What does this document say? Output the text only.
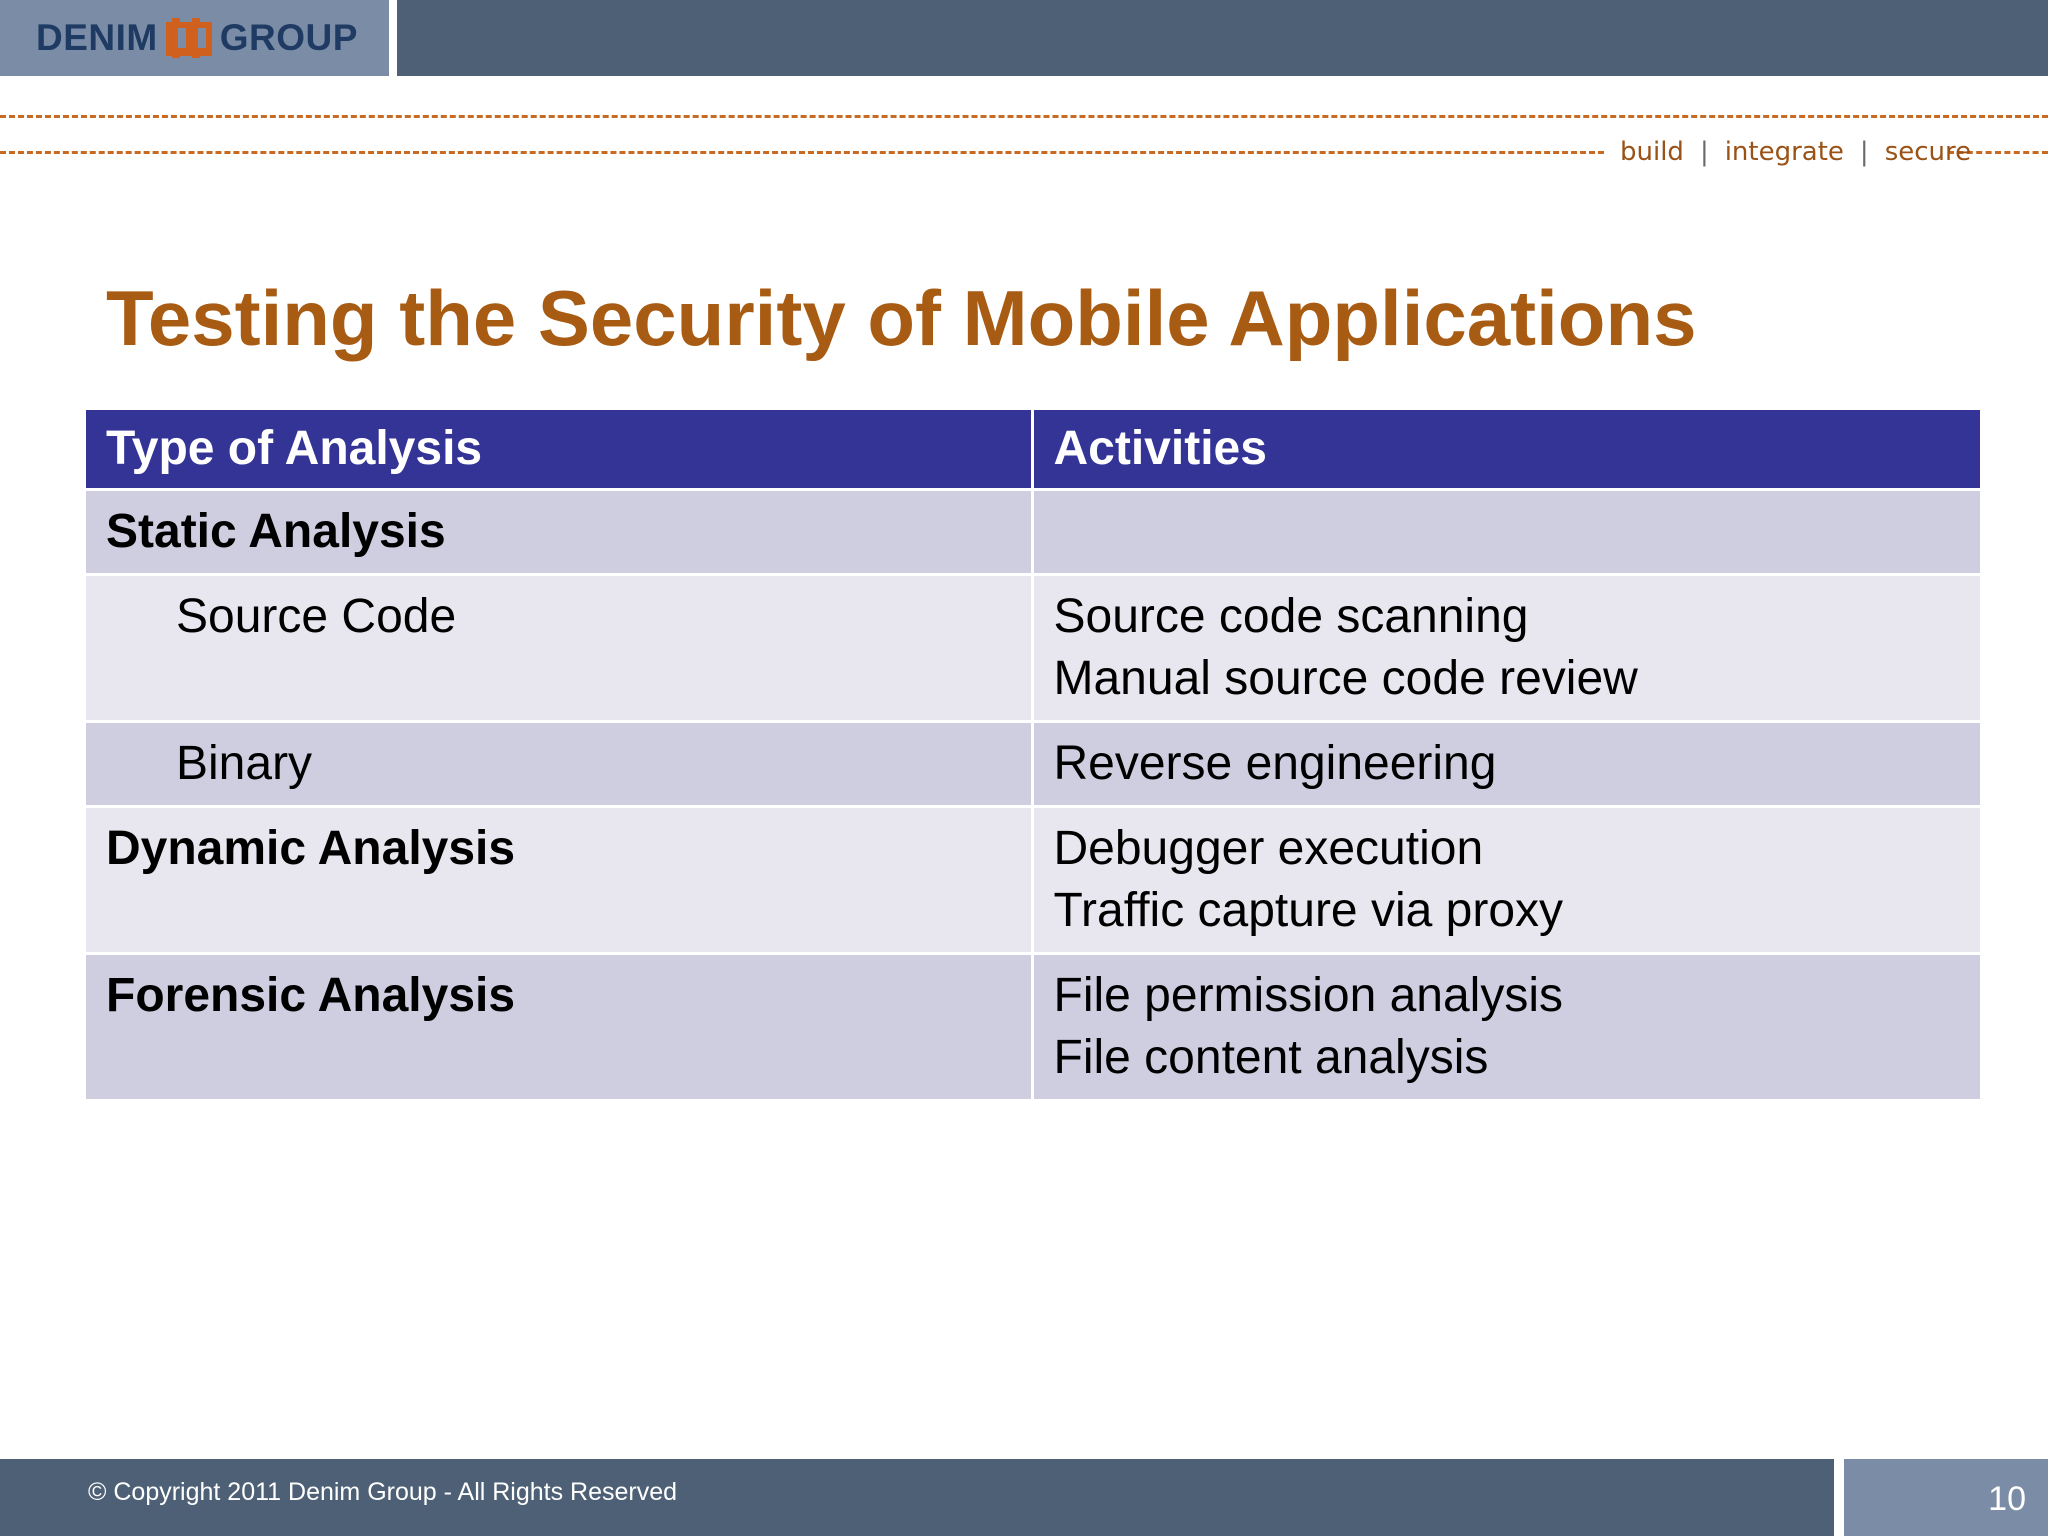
DENIM GROUP
build | integrate | secure
Testing the Security of Mobile Applications
Type of Analysis	Activities
Static Analysis	
Source Code	Source code scanning
Manual source code review

Binary	Reverse engineering

Dynamic Analysis	Debugger execution
Traffic capture via proxy

Forensic Analysis	File permission analysis
File content analysis
© Copyright 2011 Denim Group - All Rights Reserved	10
